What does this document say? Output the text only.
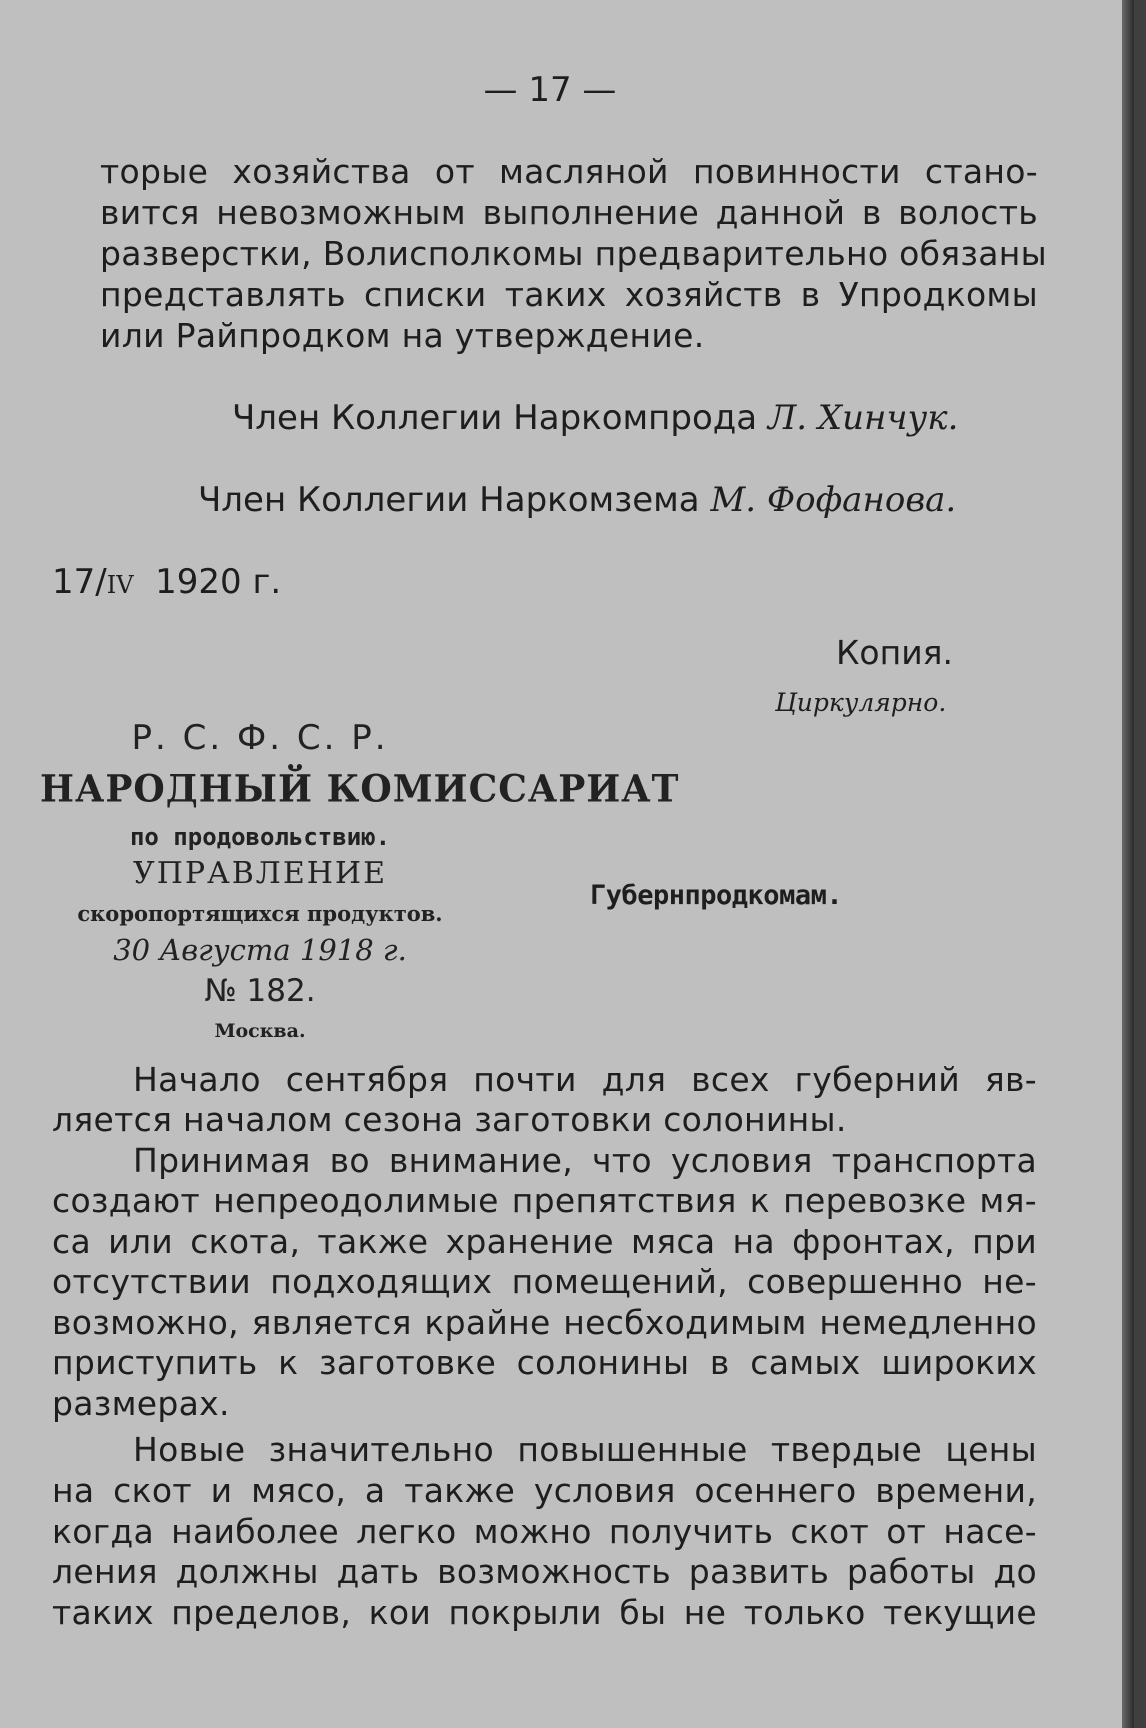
— 17 —
торые хозяйства от масляной повинности стано-
вится невозможным выполнение данной в волость
разверстки, Волисполкомы предварительно обязаны
представлять списки таких хозяйств в Упродкомы
или Райпродком на утверждение.
Член Коллегии Наркомпрода Л. Хинчук.
Член Коллегии Наркомзема М. Фофанова.
17/IV 1920 г.
Копия.
Циркулярно.
Р. С. Ф. С. Р.
НАРОДНЫЙ КОМИССАРИАТ
по продовольствию.
УПРАВЛЕНИЕ
скоропортящихся продуктов.
30 Августа 1918 г.
№ 182.
Москва.
Губернпродкомам.
Начало сентября почти для всех губерний яв-
ляется началом сезона заготовки солонины.
Принимая во внимание, что условия транспорта
создают непреодолимые препятствия к перевозке мя-
са или скота, также хранение мяса на фронтах, при
отсутствии подходящих помещений, совершенно не-
возможно, является крайне несбходимым немедленно
приступить к заготовке солонины в самых широких
размерах.
Новые значительно повышенные твердые цены
на скот и мясо, а также условия осеннего времени,
когда наиболее легко можно получить скот от насе-
ления должны дать возможность развить работы до
таких пределов, кои покрыли бы не только текущие
